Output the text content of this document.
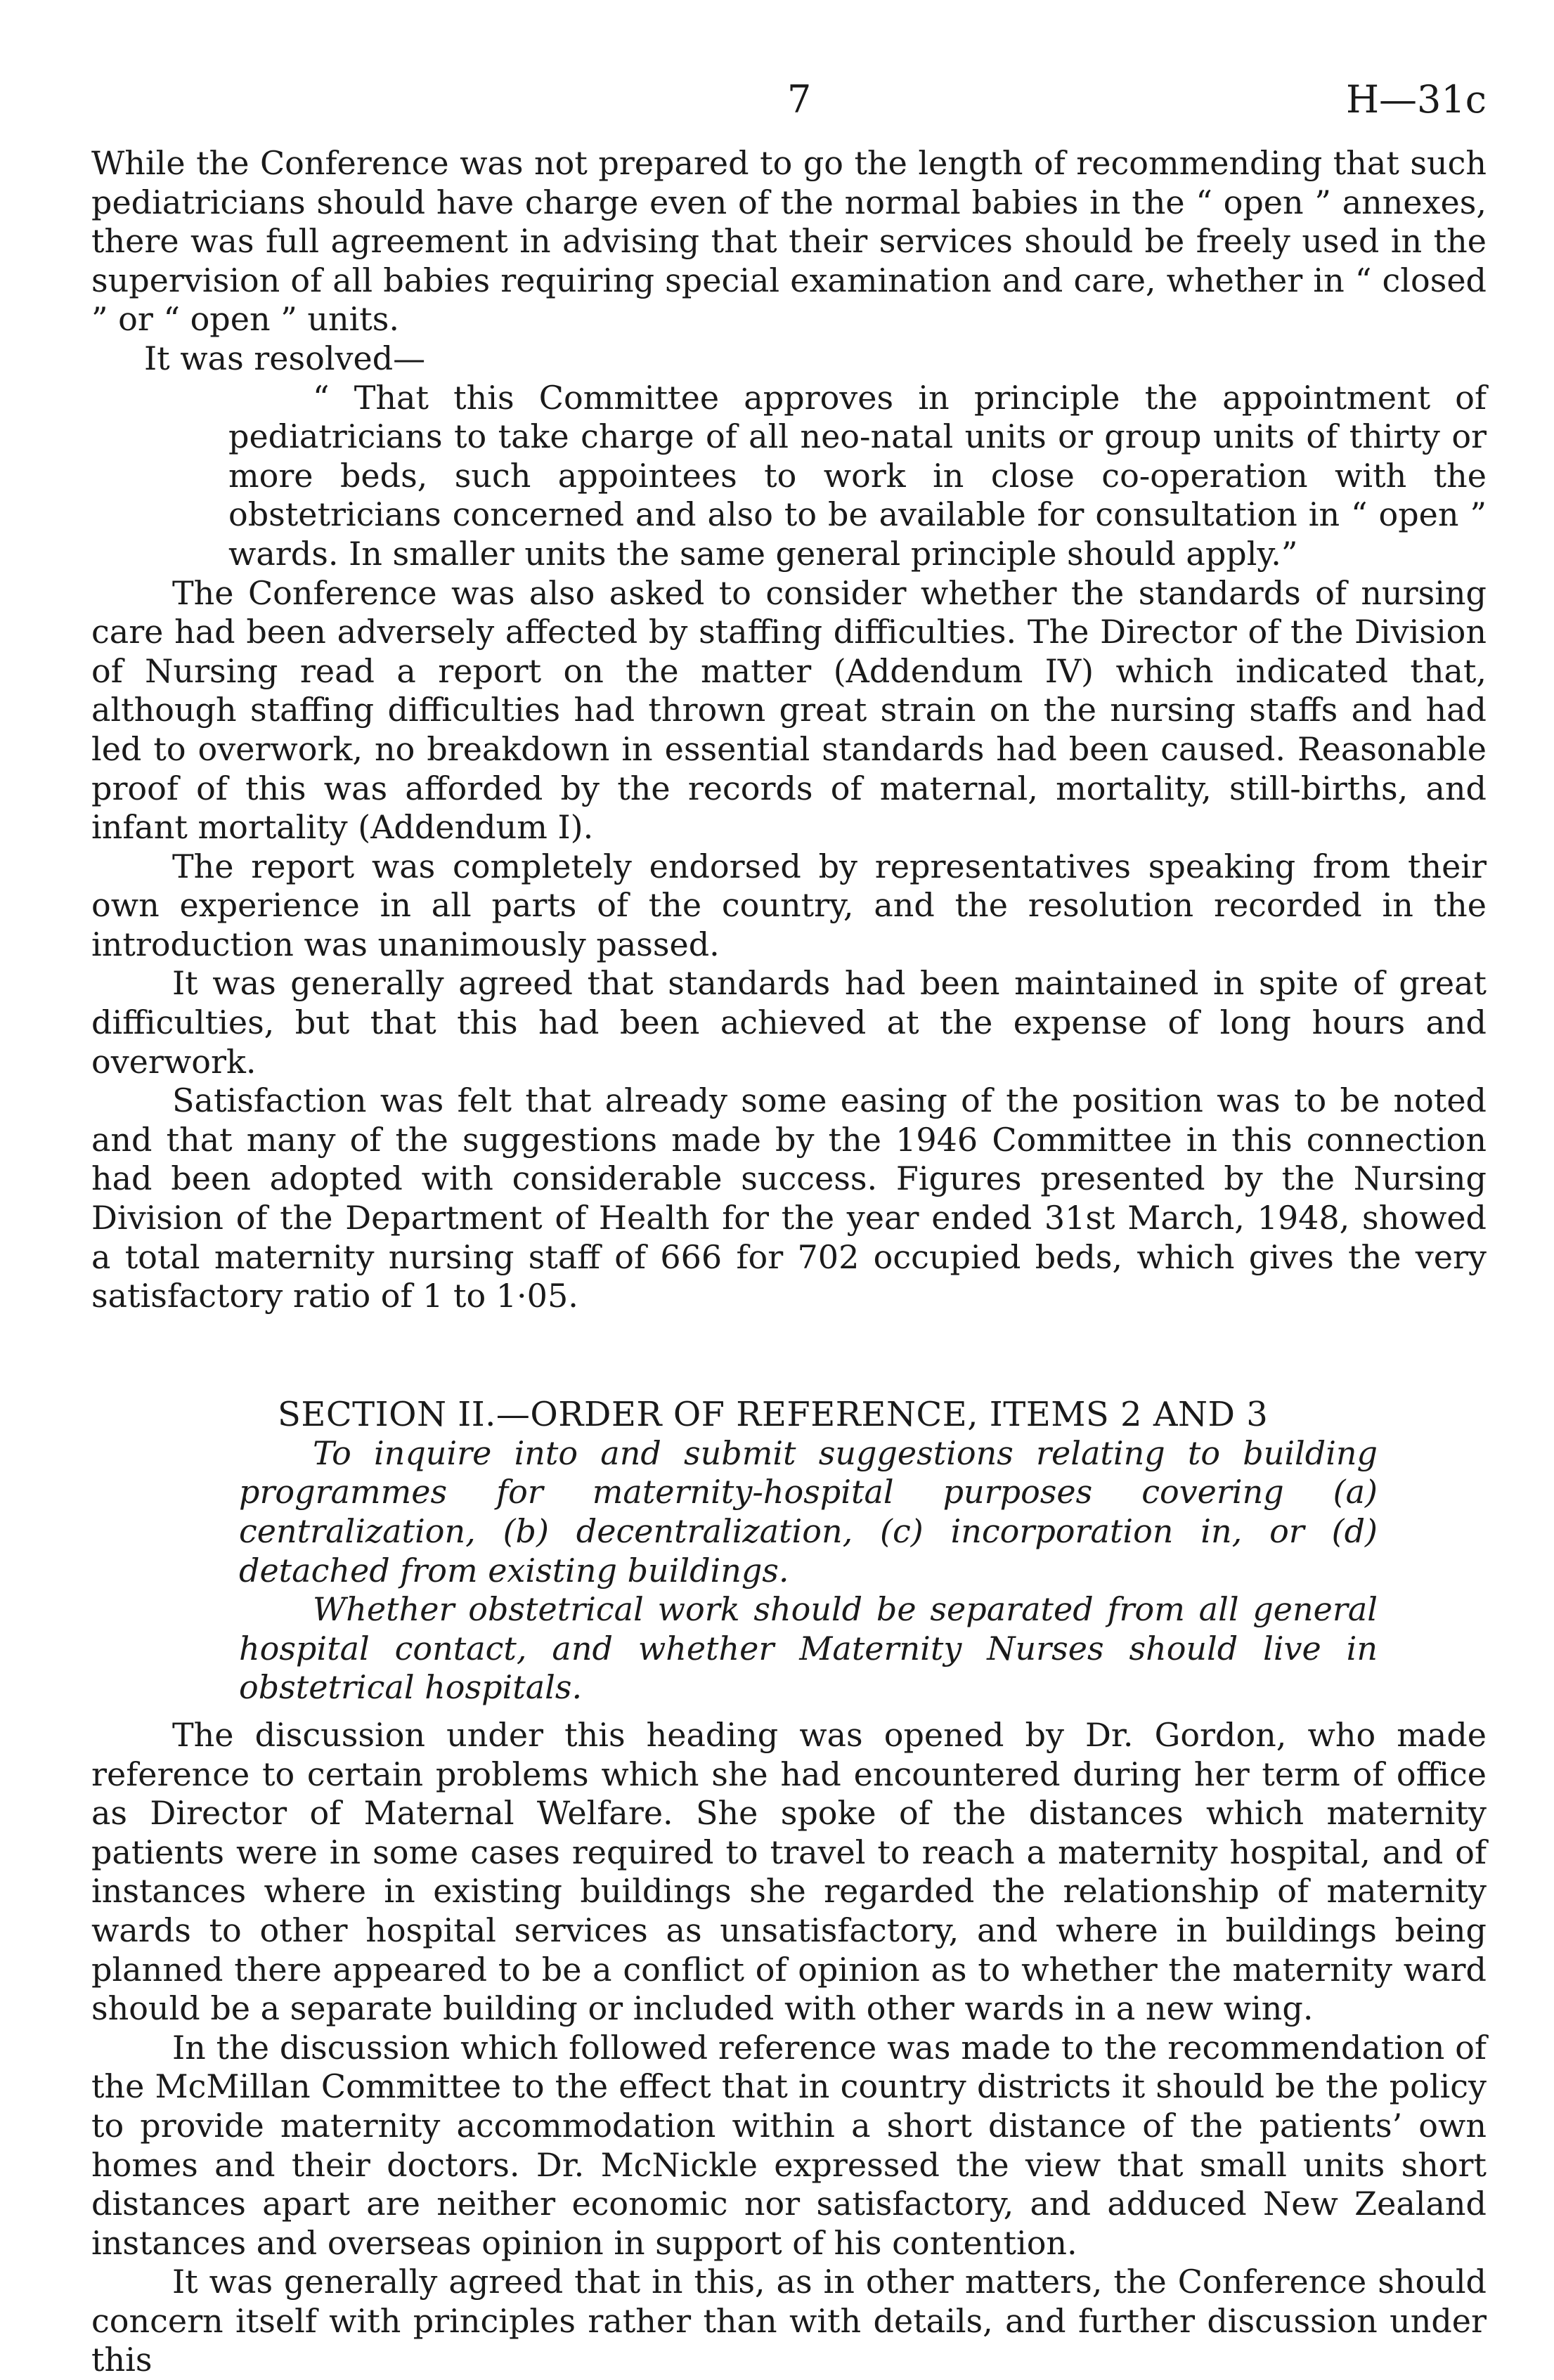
7	H—31c

While the Conference was not prepared to go the length of recommending that such pediatricians should have charge even of the normal babies in the “ open ” annexes, there was full agreement in advising that their services should be freely used in the supervision of all babies requiring special examination and care, whether in “ closed ” or “ open ” units.

It was resolved—

“ That this Committee approves in principle the appointment of pediatricians to take charge of all neo-natal units or group units of thirty or more beds, such appointees to work in close co-operation with the obstetricians concerned and also to be available for consultation in “ open ” wards. In smaller units the same general principle should apply.”

The Conference was also asked to consider whether the standards of nursing care had been adversely affected by staffing difficulties. The Director of the Division of Nursing read a report on the matter (Addendum IV) which indicated that, although staffing difficulties had thrown great strain on the nursing staffs and had led to overwork, no breakdown in essential standards had been caused. Reasonable proof of this was afforded by the records of maternal, mortality, still-births, and infant mortality (Addendum I).

The report was completely endorsed by representatives speaking from their own experience in all parts of the country, and the resolution recorded in the introduction was unanimously passed.

It was generally agreed that standards had been maintained in spite of great difficulties, but that this had been achieved at the expense of long hours and overwork.

Satisfaction was felt that already some easing of the position was to be noted and that many of the suggestions made by the 1946 Committee in this connection had been adopted with considerable success. Figures presented by the Nursing Division of the Department of Health for the year ended 31st March, 1948, showed a total maternity nursing staff of 666 for 702 occupied beds, which gives the very satisfactory ratio of 1 to 1·05.

SECTION II.—ORDER OF REFERENCE, ITEMS 2 AND 3

To inquire into and submit suggestions relating to building programmes for maternity-hospital purposes covering (a) centralization, (b) decentralization, (c) incorporation in, or (d) detached from existing buildings.

Whether obstetrical work should be separated from all general hospital contact, and whether Maternity Nurses should live in obstetrical hospitals.

The discussion under this heading was opened by Dr. Gordon, who made reference to certain problems which she had encountered during her term of office as Director of Maternal Welfare. She spoke of the distances which maternity patients were in some cases required to travel to reach a maternity hospital, and of instances where in existing buildings she regarded the relationship of maternity wards to other hospital services as unsatisfactory, and where in buildings being planned there appeared to be a conflict of opinion as to whether the maternity ward should be a separate building or included with other wards in a new wing.

In the discussion which followed reference was made to the recommendation of the McMillan Committee to the effect that in country districts it should be the policy to provide maternity accommodation within a short distance of the patients’ own homes and their doctors. Dr. McNickle expressed the view that small units short distances apart are neither economic nor satisfactory, and adduced New Zealand instances and overseas opinion in support of his contention.

It was generally agreed that in this, as in other matters, the Conference should concern itself with principles rather than with details, and further discussion under this
